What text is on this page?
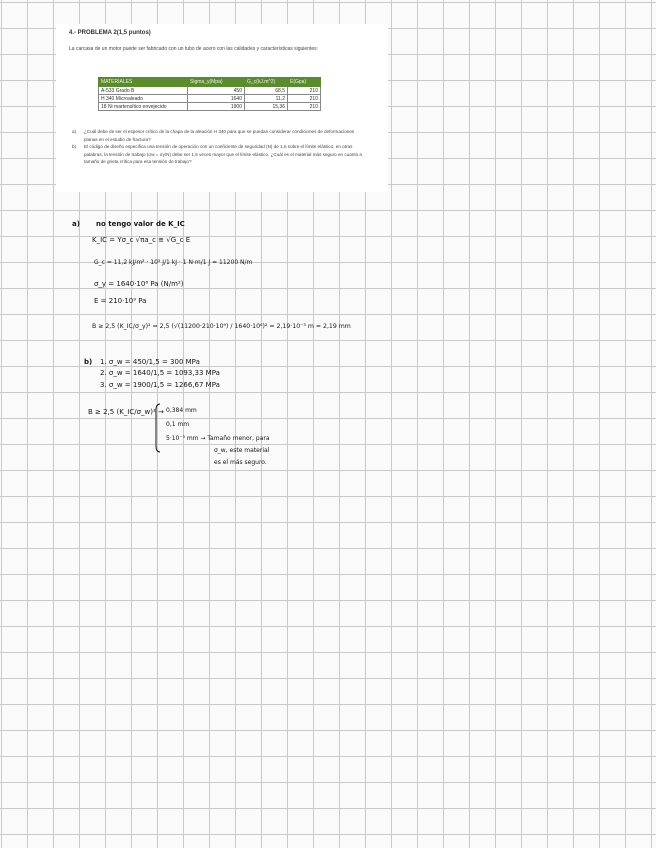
4.- PROBLEMA 2(1,5 puntos)
La carcasa de un motor puede ser fabricado con un tubo de acero con las calidades y características siguientes:
MATERIALES	Sigma_y(Mpa)	G_c(kJ.m^2)	E(Gpa)
A-533 Grado B	450	68,5	210
H 340 Microaleado	1640	11,2	210
18 Ni martensítico envejecido	1900	15,36	210
a)	¿Cuál debe de ser el espesor crítico de la chapa de la aleación H 340 para que se puedan considerar condiciones de deformaciones planas en el estudio de fractura?
b)	El código de diseño especifica una tensión de operación con un coeficiente de seguridad (N) de 1,5 sobre el límite elástico, en otras palabras, la tensión de trabajo (σw = σy/N) debe ser 1,5 veces mayor que el límite elástico. ¿Cuál es el material más seguro en cuanto a tamaño de grieta crítica para esa tensión de trabajo?
a) no tengo valor de K_IC
K_IC = Yσ_c √πa_c ≅ √G_c E
G_c = 11,2 kJ/m² · 10³ J/1 kJ · 1 N·m/1 J = 11200 N/m
σ_y = 1640·10⁶ Pa (N/m²)
E = 210·10⁹ Pa
B ≥ 2,5 (K_IC/σ_y)² = 2,5 (√(11200·210·10⁹) / 1640·10⁶)² = 2,19·10⁻³ m = 2,19 mm
b) 1. σ_w = 450/1,5 = 300 MPa
2. σ_w = 1640/1,5 = 1093,33 MPa
3. σ_w = 1900/1,5 = 1266,67 MPa
B ≥ 2,5 (K_IC/σ_w)² → 0,384 mm
0,1 mm
5·10⁻³ mm → Tamaño menor, para
σ_w, este material
es el más seguro.
